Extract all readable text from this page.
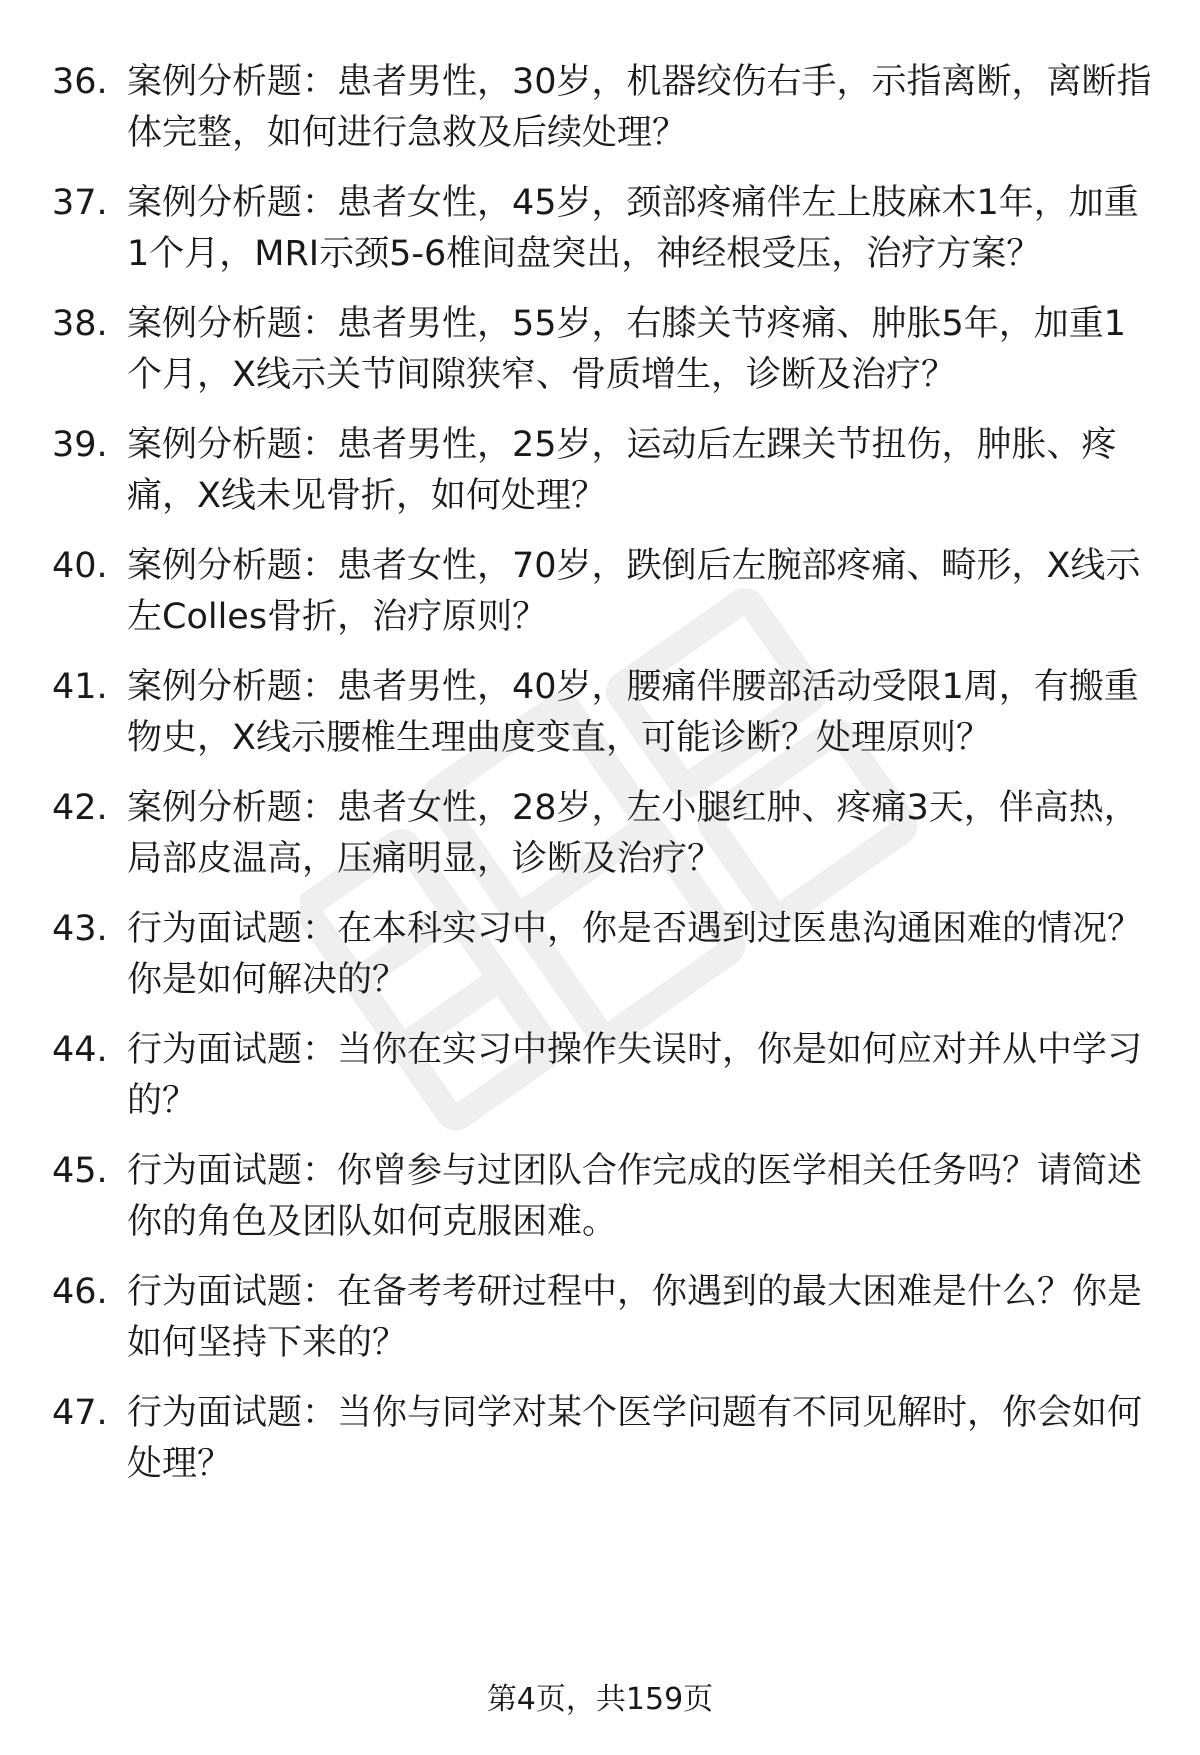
36. 案例分析题：患者男性，30岁，机器绞伤右手，示指离断，离断指体完整，如何进行急救及后续处理？
37. 案例分析题：患者女性，45岁，颈部疼痛伴左上肢麻木1年，加重1个月，MRI示颈5-6椎间盘突出，神经根受压，治疗方案？
38. 案例分析题：患者男性，55岁，右膝关节疼痛、肿胀5年，加重1个月，X线示关节间隙狭窄、骨质增生，诊断及治疗？
39. 案例分析题：患者男性，25岁，运动后左踝关节扭伤，肿胀、疼痛，X线未见骨折，如何处理？
40. 案例分析题：患者女性，70岁，跌倒后左腕部疼痛、畸形，X线示左Colles骨折，治疗原则？
41. 案例分析题：患者男性，40岁，腰痛伴腰部活动受限1周，有搬重物史，X线示腰椎生理曲度变直，可能诊断？处理原则？
42. 案例分析题：患者女性，28岁，左小腿红肿、疼痛3天，伴高热，局部皮温高，压痛明显，诊断及治疗？
43. 行为面试题：在本科实习中，你是否遇到过医患沟通困难的情况？你是如何解决的？
44. 行为面试题：当你在实习中操作失误时，你是如何应对并从中学习的？
45. 行为面试题：你曾参与过团队合作完成的医学相关任务吗？请简述你的角色及团队如何克服困难。
46. 行为面试题：在备考考研过程中，你遇到的最大困难是什么？你是如何坚持下来的？
47. 行为面试题：当你与同学对某个医学问题有不同见解时，你会如何处理？
第4页，共159页
